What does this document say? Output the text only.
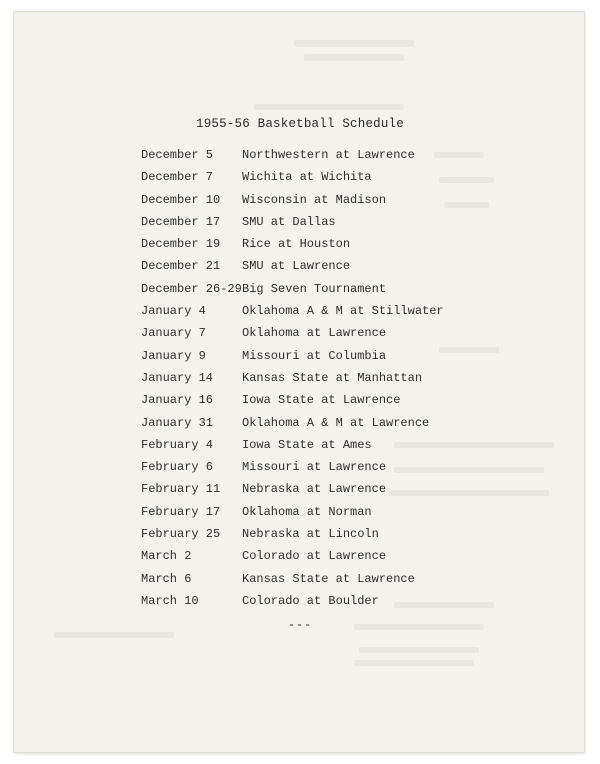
1955-56 Basketball Schedule
December 5 Northwestern at Lawrence
December 7 Wichita at Wichita
December 10 Wisconsin at Madison
December 17 SMU at Dallas
December 19 Rice at Houston
December 21 SMU at Lawrence
December 26-29 Big Seven Tournament
January 4	Oklahoma A & M at Stillwater
January 7	Oklahoma at Lawrence
January 9	Missouri at Columbia
January 14 Kansas State at Manhattan
January 16 Iowa State at Lawrence
January 31 Oklahoma A & M at Lawrence
February 4 Iowa State at Ames
February 6 Missouri at Lawrence
February 11 Nebraska at Lawrence
February 17 Oklahoma at Norman
February 25 Nebraska at Lincoln
March 2	Colorado at Lawrence
March 6	Kansas State at Lawrence
March 10	Colorado at Boulder
---
